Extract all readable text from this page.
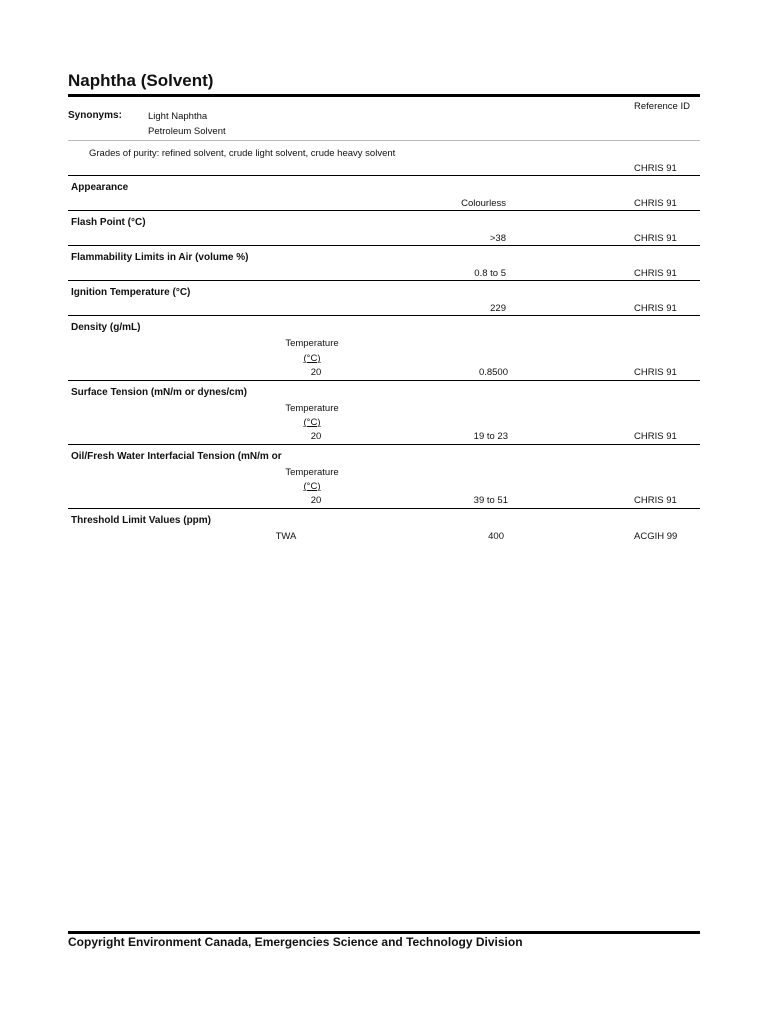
Naphtha (Solvent)
Reference ID
Synonyms:	Light Naphtha
Petroleum Solvent
Grades of purity: refined solvent, crude light solvent, crude heavy solvent
CHRIS 91
Appearance
Colourless	CHRIS 91
Flash Point (°C)
>38	CHRIS 91
Flammability Limits in Air (volume %)
0.8 to 5	CHRIS 91
Ignition Temperature (°C)
229	CHRIS 91
Density (g/mL)
Temperature
(°C)
20	0.8500	CHRIS 91
Surface Tension (mN/m or dynes/cm)
Temperature
(°C)
20	19 to 23	CHRIS 91
Oil/Fresh Water Interfacial Tension (mN/m or
Temperature
(°C)
20	39 to 51	CHRIS 91
Threshold Limit Values (ppm)
TWA	400	ACGIH 99
Copyright Environment Canada, Emergencies Science and Technology Division
